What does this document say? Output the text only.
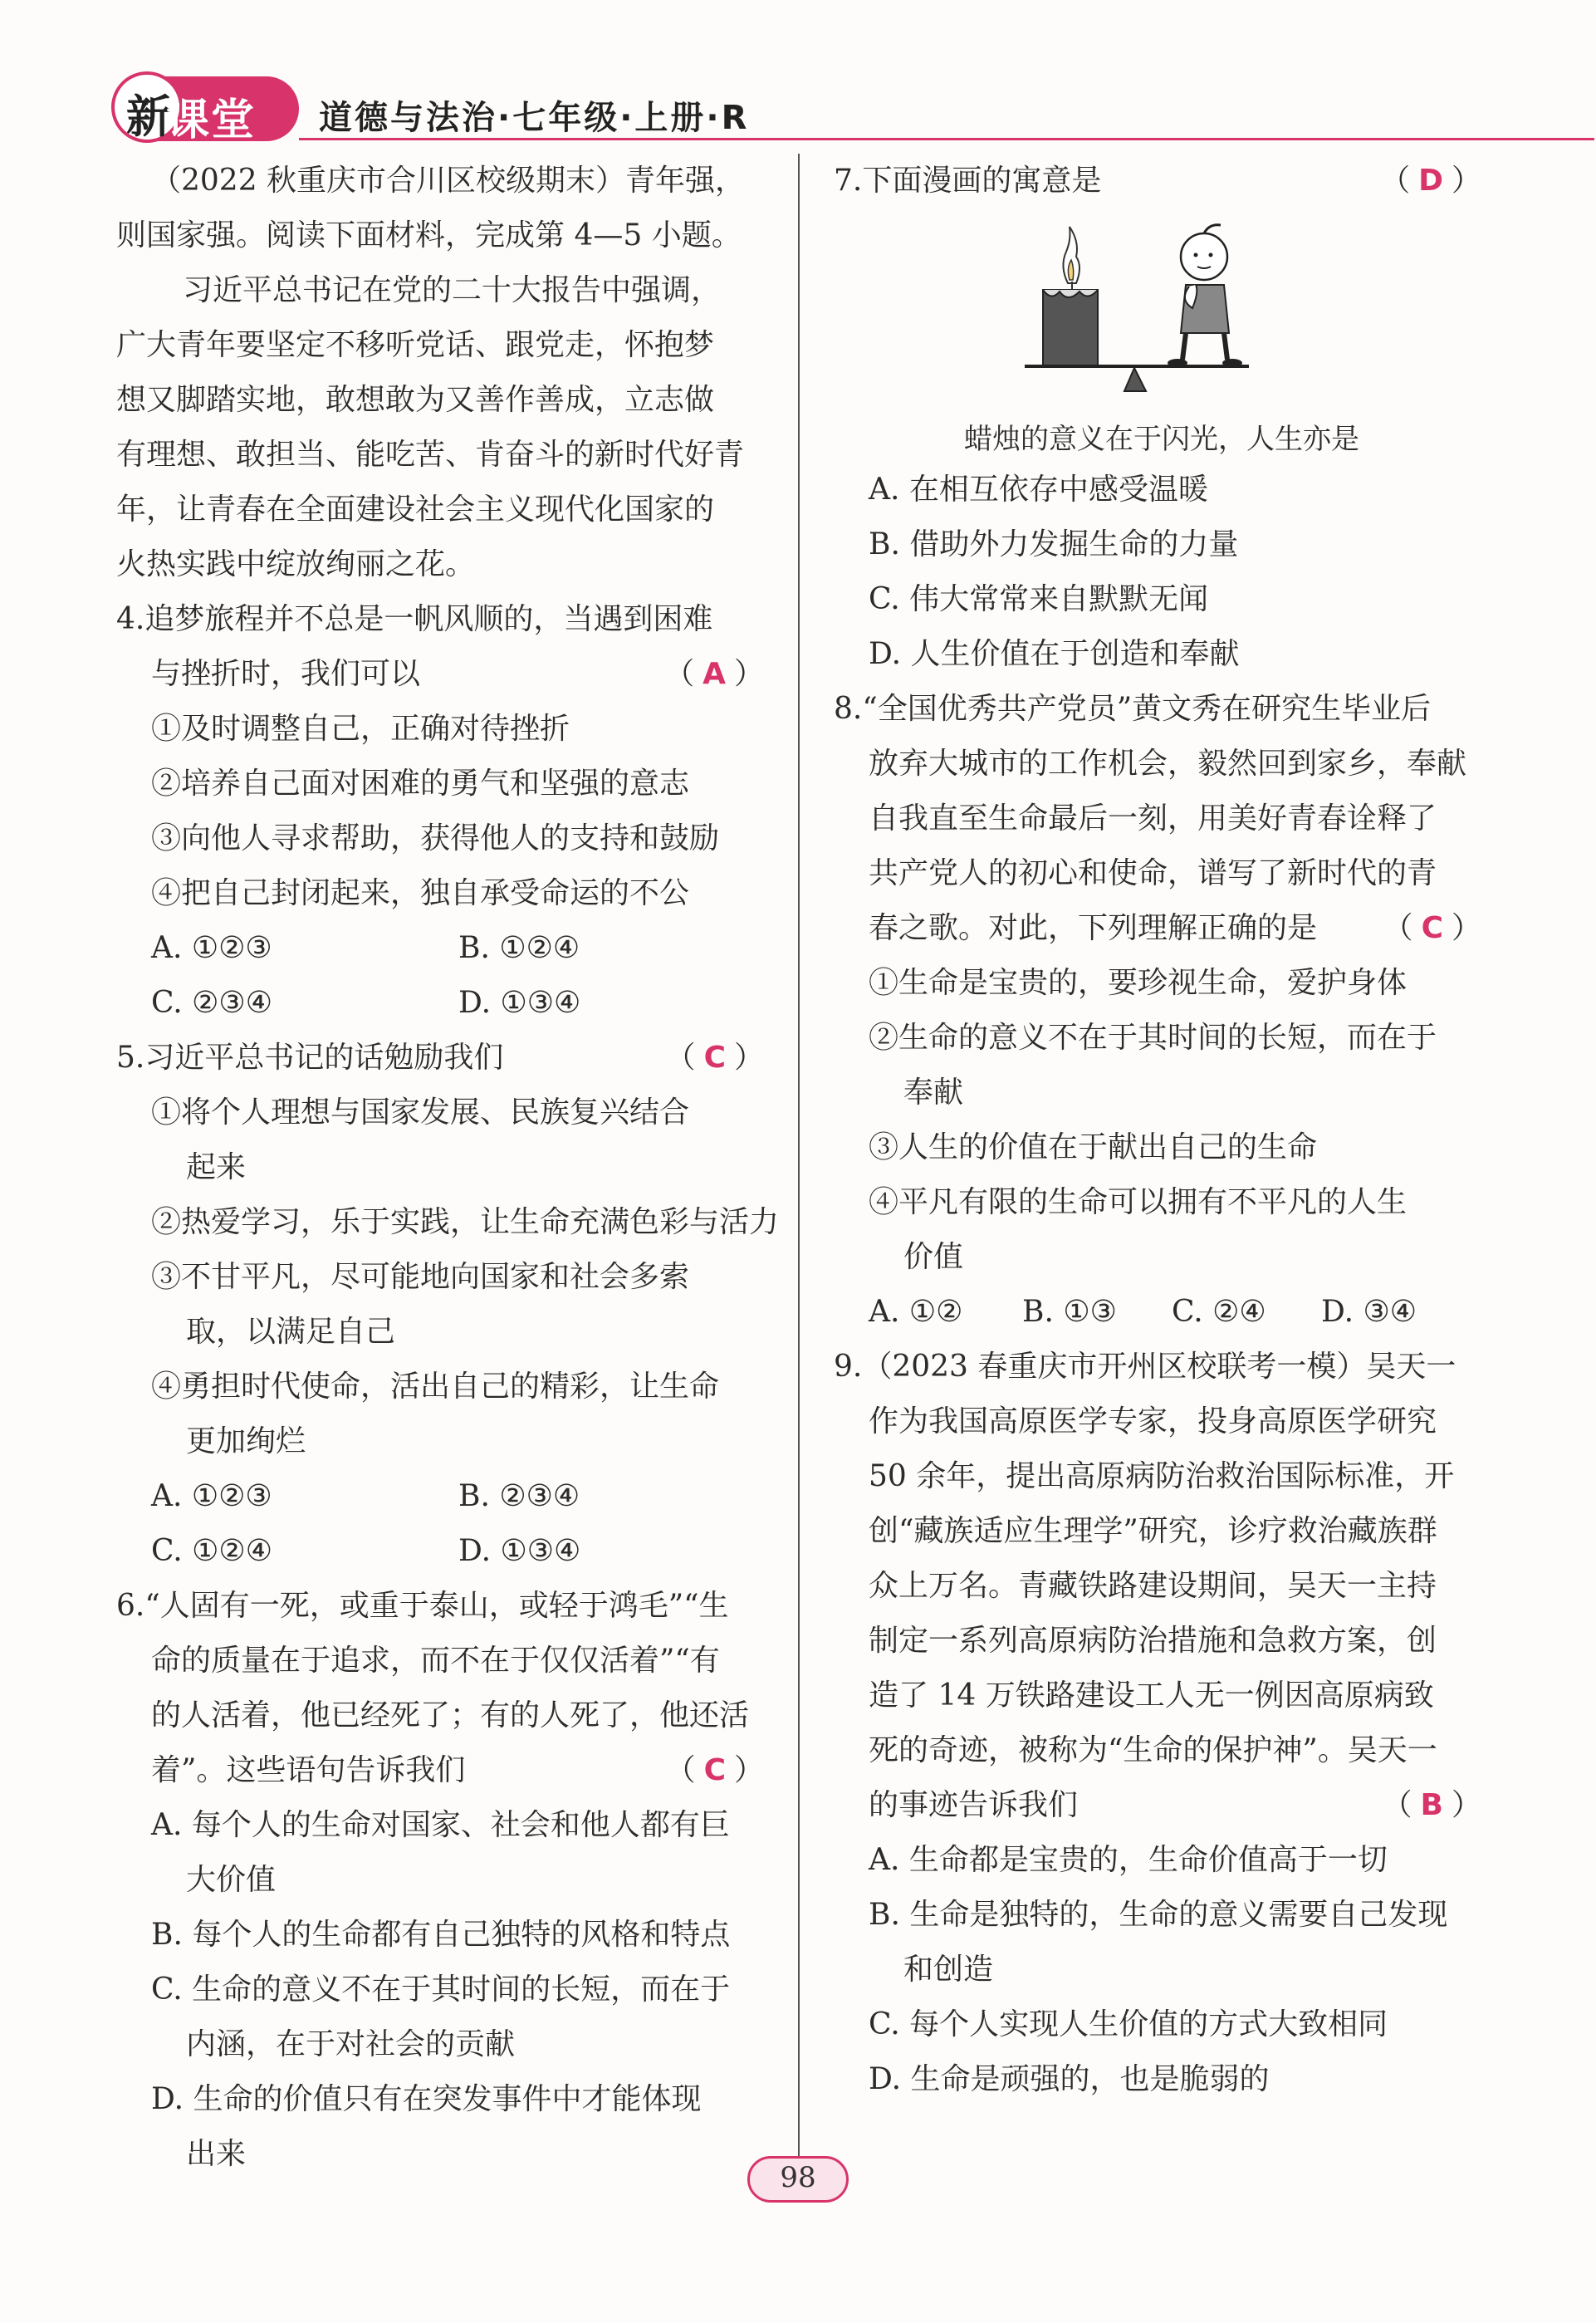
新
课堂 道德与法治·七年级·上册·R
（2022 秋重庆市合川区校级期末）青年强，
则国家强。阅读下面材料，完成第 4—5 小题。
习近平总书记在党的二十大报告中强调，
广大青年要坚定不移听党话、跟党走，怀抱梦
想又脚踏实地，敢想敢为又善作善成，立志做
有理想、敢担当、能吃苦、肯奋斗的新时代好青
年，让青春在全面建设社会主义现代化国家的
火热实践中绽放绚丽之花。
4.追梦旅程并不总是一帆风顺的，当遇到困难
与挫折时，我们可以	（A）
①及时调整自己，正确对待挫折
②培养自己面对困难的勇气和坚强的意志
③向他人寻求帮助，获得他人的支持和鼓励
④把自己封闭起来，独自承受命运的不公
A. ①②③	B. ①②④
C. ②③④	D. ①③④
5.习近平总书记的话勉励我们	（C）
①将个人理想与国家发展、民族复兴结合
起来
②热爱学习，乐于实践，让生命充满色彩与活力
③不甘平凡，尽可能地向国家和社会多索
取，以满足自己
④勇担时代使命，活出自己的精彩，让生命
更加绚烂
A. ①②③	B. ②③④
C. ①②④	D. ①③④
6.“人固有一死，或重于泰山，或轻于鸿毛”“生
命的质量在于追求，而不在于仅仅活着”“有
的人活着，他已经死了；有的人死了，他还活
着”。这些语句告诉我们	（C）
A. 每个人的生命对国家、社会和他人都有巨
大价值
B. 每个人的生命都有自己独特的风格和特点
C. 生命的意义不在于其时间的长短，而在于
内涵，在于对社会的贡献
D. 生命的价值只有在突发事件中才能体现
出来
7.下面漫画的寓意是	（D）
蜡烛的意义在于闪光，人生亦是
A. 在相互依存中感受温暖
B. 借助外力发掘生命的力量
C. 伟大常常来自默默无闻
D. 人生价值在于创造和奉献
8.“全国优秀共产党员”黄文秀在研究生毕业后
放弃大城市的工作机会，毅然回到家乡，奉献
自我直至生命最后一刻，用美好青春诠释了
共产党人的初心和使命，谱写了新时代的青
春之歌。对此，下列理解正确的是 （C）
①生命是宝贵的，要珍视生命，爱护身体
②生命的意义不在于其时间的长短，而在于
奉献
③人生的价值在于献出自己的生命
④平凡有限的生命可以拥有不平凡的人生
价值
A. ①②	B. ①③	C. ②④	D. ③④
9.（2023 春重庆市开州区校联考一模）吴天一
作为我国高原医学专家，投身高原医学研究
50 余年，提出高原病防治救治国际标准，开
创“藏族适应生理学”研究，诊疗救治藏族群
众上万名。青藏铁路建设期间，吴天一主持
制定一系列高原病防治措施和急救方案，创
造了 14 万铁路建设工人无一例因高原病致
死的奇迹，被称为“生命的保护神”。吴天一
的事迹告诉我们	（B）
A. 生命都是宝贵的，生命价值高于一切
B. 生命是独特的，生命的意义需要自己发现
和创造
C. 每个人实现人生价值的方式大致相同
D. 生命是顽强的，也是脆弱的
98
